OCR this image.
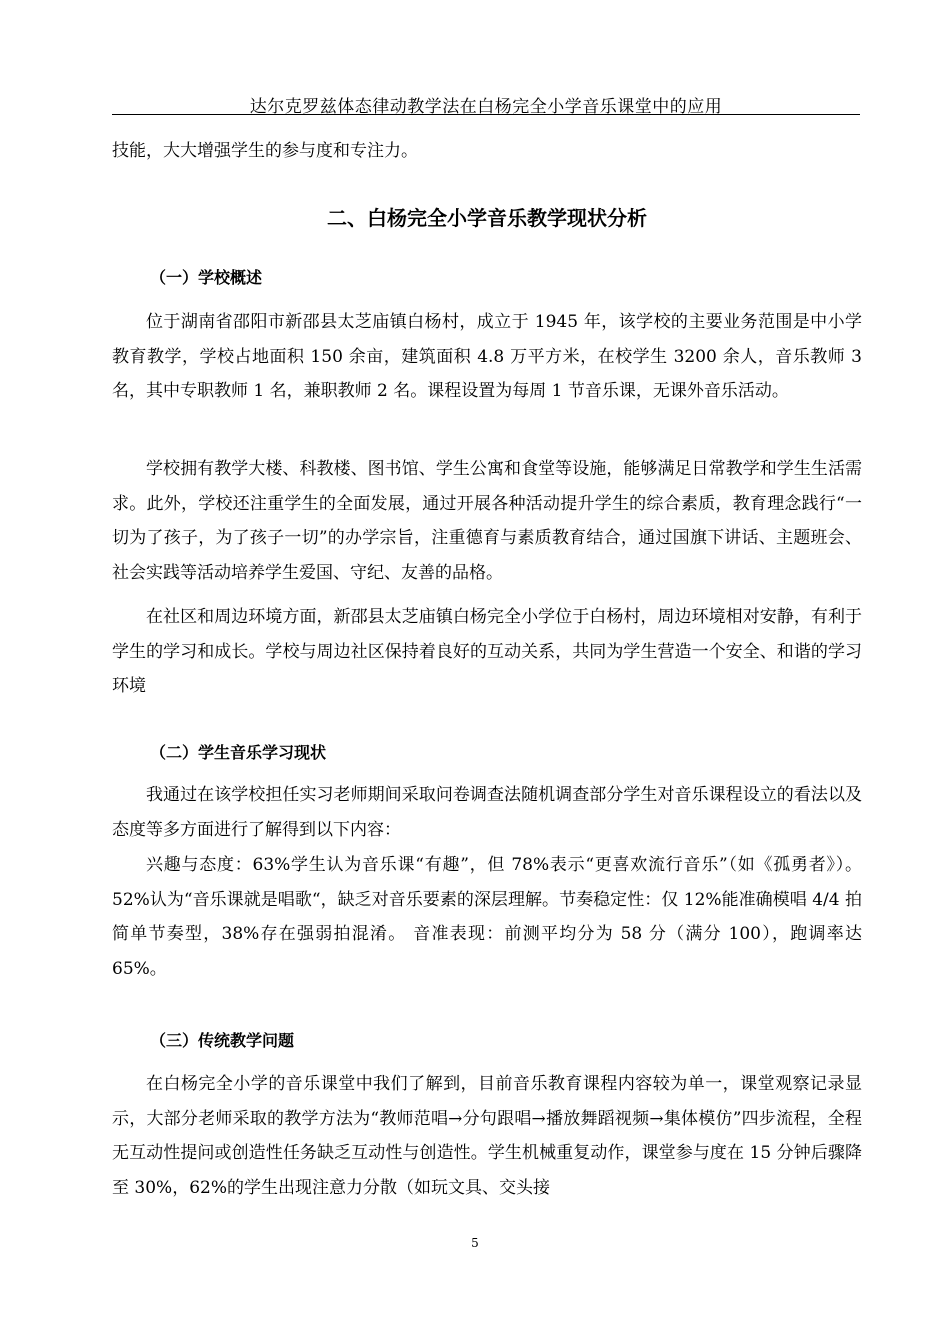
达尔克罗兹体态律动教学法在白杨完全小学音乐课堂中的应用

技能，大大增强学生的参与度和专注力。

二、白杨完全小学音乐教学现状分析
（一）学校概述

位于湖南省邵阳市新邵县太芝庙镇白杨村，成立于 1945 年，该学校的主要业务范围是中小学教育教学，学校占地面积 150 余亩，建筑面积 4.8 万平方米，在校学生 3200 余人，音乐教师 3 名，其中专职教师 1 名，兼职教师 2 名。课程设置为每周 1 节音乐课，无课外音乐活动。

学校拥有教学大楼、科教楼、图书馆、学生公寓和食堂等设施，能够满足日常教学和学生生活需求。此外，学校还注重学生的全面发展，通过开展各种活动提升学生的综合素质，教育理念践行“一切为了孩子，为了孩子一切”的办学宗旨，注重德育与素质教育结合，通过国旗下讲话、主题班会、社会实践等活动培养学生爱国、守纪、友善的品格。

在社区和周边环境方面，新邵县太芝庙镇白杨完全小学位于白杨村，周边环境相对安静，有利于学生的学习和成长。学校与周边社区保持着良好的互动关系，共同为学生营造一个安全、和谐的学习环境

（二）学生音乐学习现状

我通过在该学校担任实习老师期间采取问卷调查法随机调查部分学生对音乐课程设立的看法以及态度等多方面进行了解得到以下内容：

兴趣与态度：63%学生认为音乐课“有趣”，但 78%表示“更喜欢流行音乐”（如《孤勇者》）。52%认为“音乐课就是唱歌“，缺乏对音乐要素的深层理解。节奏稳定性：仅 12%能准确模唱 4/4 拍简单节奏型，38%存在强弱拍混淆。 音准表现：前测平均分为 58 分（满分 100），跑调率达 65%。

（三）传统教学问题

在白杨完全小学的音乐课堂中我们了解到，目前音乐教育课程内容较为单一，课堂观察记录显示，大部分老师采取的教学方法为“教师范唱→分句跟唱→播放舞蹈视频→集体模仿”四步流程，全程无互动性提问或创造性任务缺乏互动性与创造性。学生机械重复动作，课堂参与度在 15 分钟后骤降至 30%，62%的学生出现注意力分散（如玩文具、交头接

5
